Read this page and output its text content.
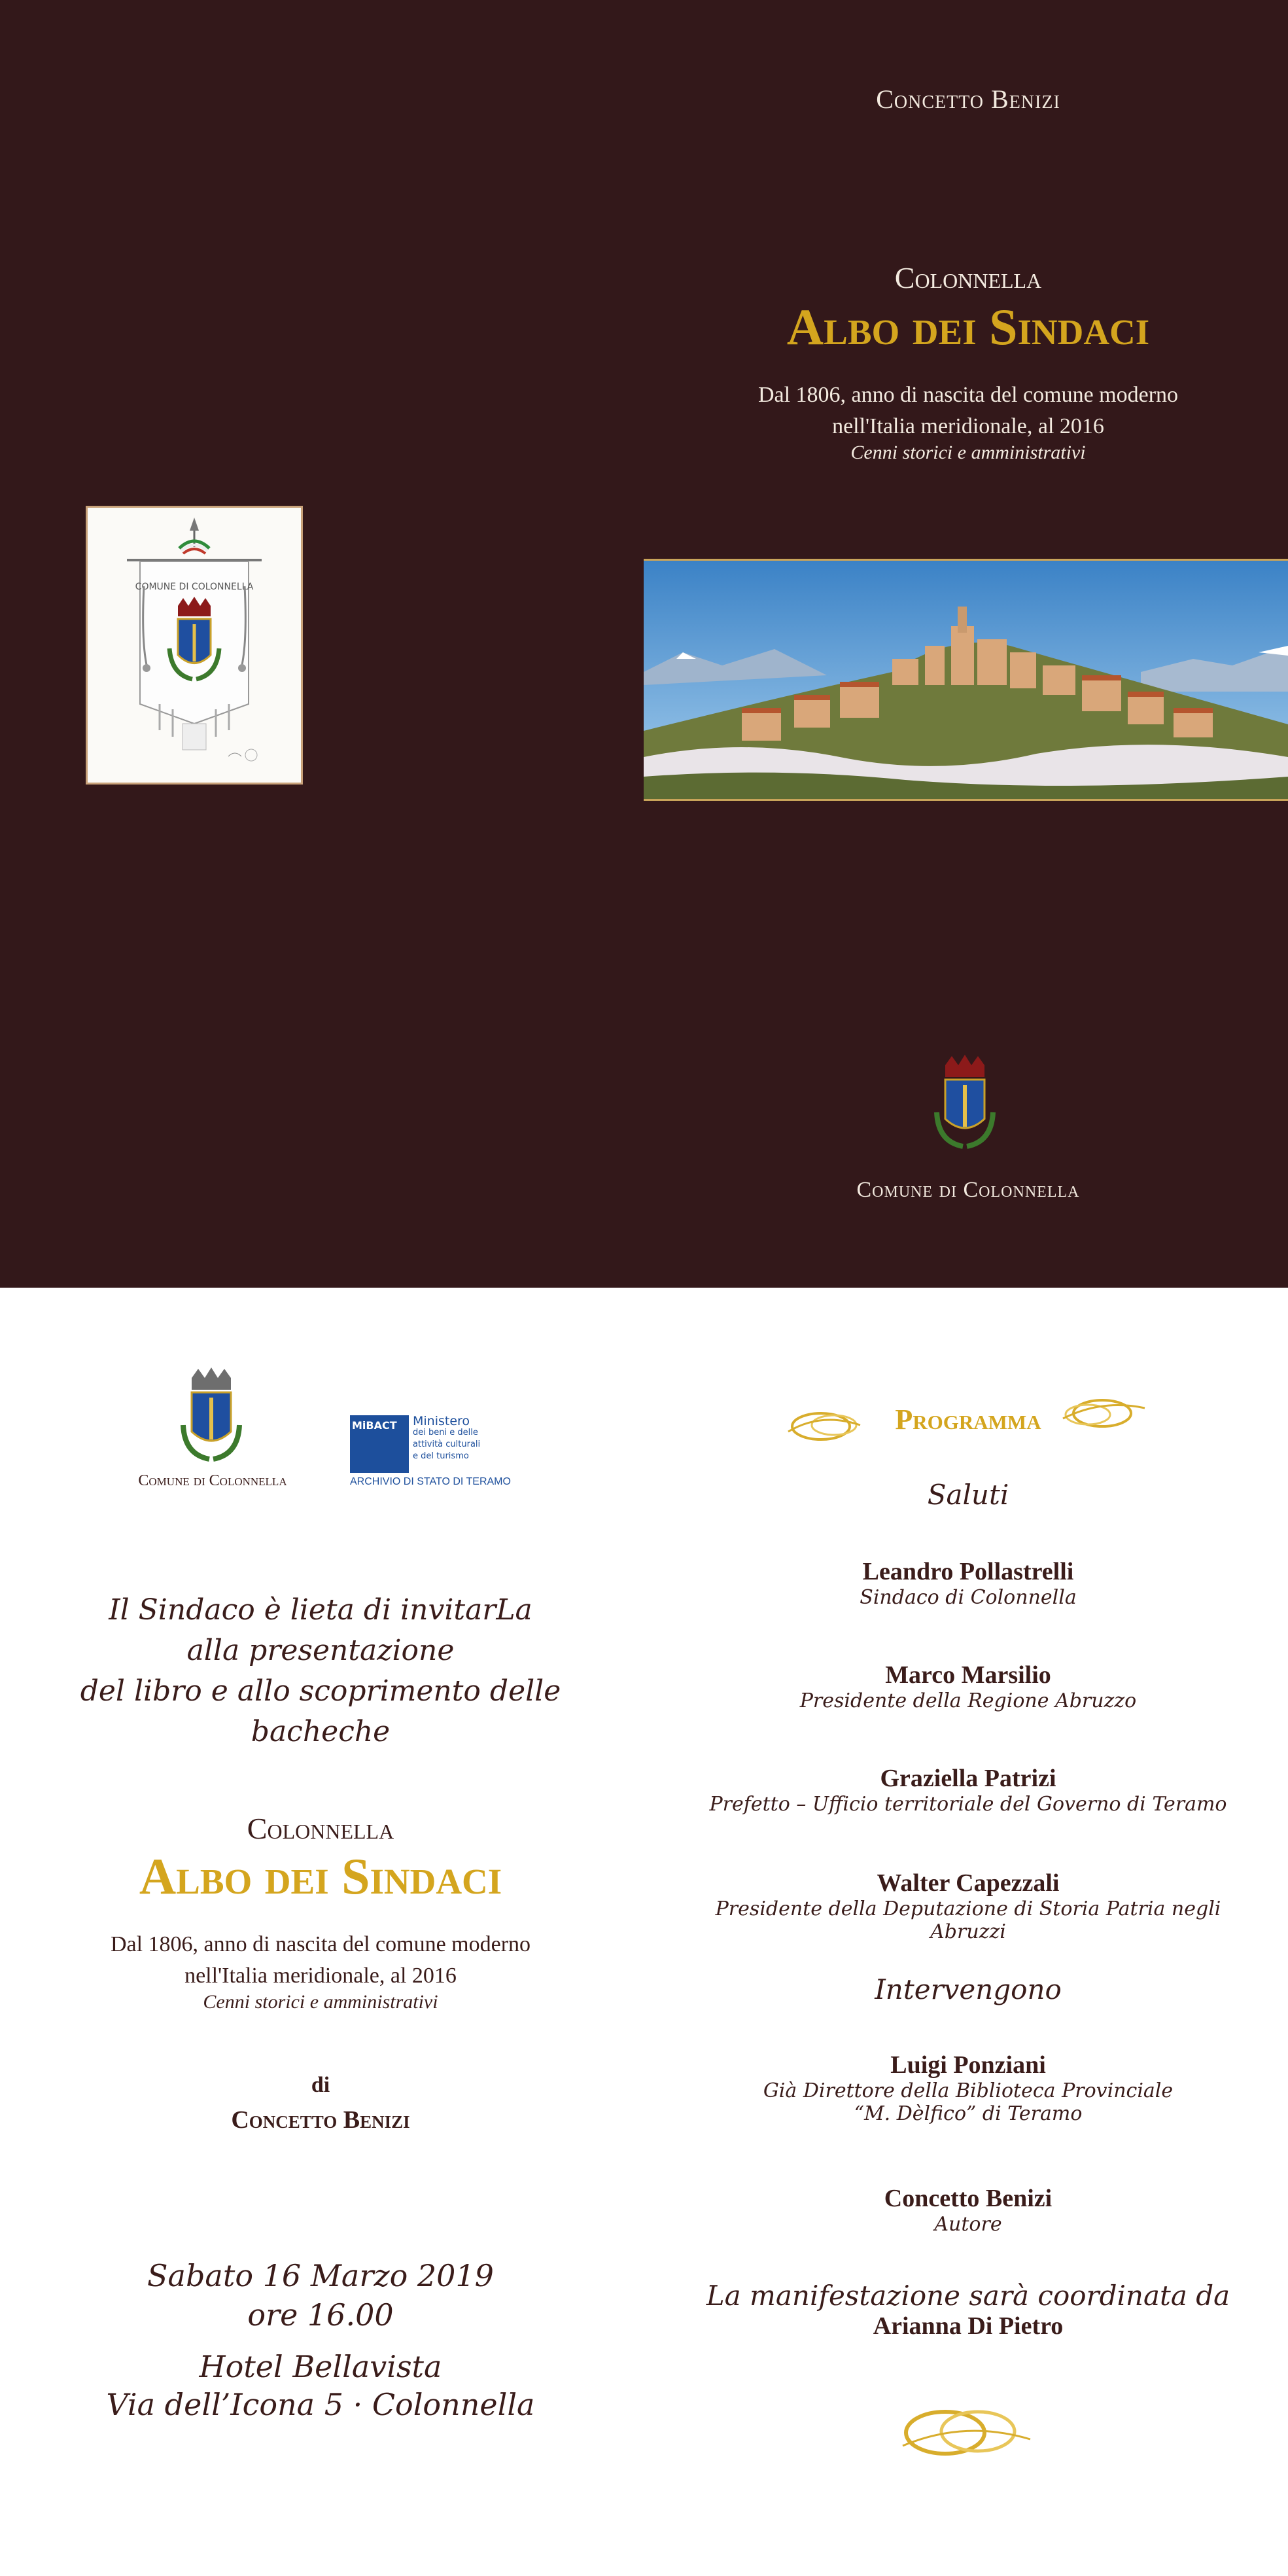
Concetto Benizi
Colonnella
Albo dei Sindaci
Dal 1806, anno di nascita del comune moderno
nell'Italia meridionale, al 2016
Cenni storici e amministrativi
COMUNE DI COLONNELLA
Comune di Colonnella
Comune di Colonnella
MiBACT	Ministero
dei beni e delle
attività culturali
e del turismo
ARCHIVIO DI STATO DI TERAMO
Il Sindaco è lieta di invitarLa
alla presentazione
del libro e allo scoprimento delle bacheche
Colonnella
Albo dei Sindaci
Dal 1806, anno di nascita del comune moderno
nell'Italia meridionale, al 2016
Cenni storici e amministrativi
di
Concetto Benizi
Sabato 16 Marzo 2019
ore 16.00
Hotel Bellavista
Via dell’Icona 5 · Colonnella
Programma
Saluti
Leandro Pollastrelli
Sindaco di Colonnella
Marco Marsilio
Presidente della Regione Abruzzo
Graziella Patrizi
Prefetto – Ufficio territoriale del Governo di Teramo
Walter Capezzali
Presidente della Deputazione di Storia Patria negli Abruzzi
Intervengono
Luigi Ponziani
Già Direttore della Biblioteca Provinciale
“M. Dèlfico” di Teramo
Concetto Benizi
Autore
La manifestazione sarà coordinata da
Arianna Di Pietro
